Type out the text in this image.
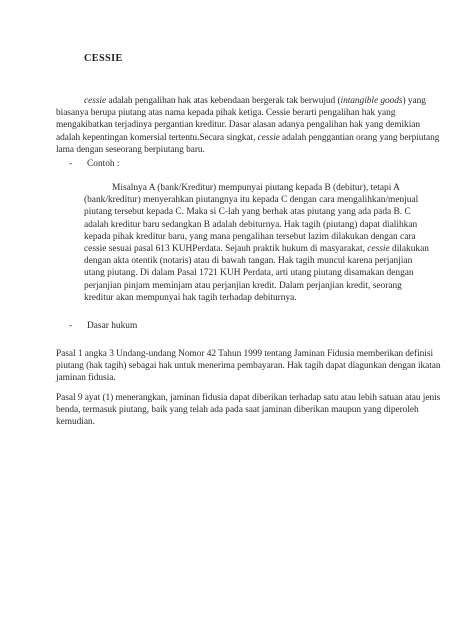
CESSIE

cessie adalah pengalihan hak atas kebendaan bergerak tak berwujud (intangible goods) yang biasanya berupa piutang atas nama kepada pihak ketiga. Cessie berarti pengalihan hak yang mengakibatkan terjadinya pergantian kreditur. Dasar alasan adanya pengalihan hak yang demikian adalah kepentingan komersial tertentu.Secara singkat, cessie adalah penggantian orang yang berpiutang lama dengan seseorang berpiutang baru.

- Contoh :

Misalnya A (bank/Kreditur) mempunyai piutang kepada B (debitur), tetapi A (bank/kreditur) menyerahkan piutangnya itu kepada C dengan cara mengalihkan/menjual piutang tersebut kepada C. Maka si C-lah yang berhak atas piutang yang ada pada B. C adalah kreditur baru sedangkan B adalah debiturnya. Hak tagih (piutang) dapat dialihkan kepada pihak kreditur baru, yang mana pengalihan tersebut lazim dilakukan dengan cara cessie sesuai pasal 613 KUHPerdata. Sejauh praktik hukum di masyarakat, cessie dilakukan dengan akta otentik (notaris) atau di bawah tangan. Hak tagih muncul karena perjanjian utang piutang. Di dalam Pasal 1721 KUH Perdata, arti utang piutang disamakan dengan perjanjian pinjam meminjam atau perjanjian kredit. Dalam perjanjian kredit, seorang kreditur akan mempunyai hak tagih terhadap debiturnya.

- Dasar hukum

Pasal 1 angka 3 Undang-undang Nomor 42 Tahun 1999 tentang Jaminan Fidusia memberikan definisi piutang (hak tagih) sebagai hak untuk menerima pembayaran. Hak tagih dapat diagunkan dengan ikatan jaminan fidusia.

Pasal 9 ayat (1) menerangkan, jaminan fidusia dapat diberikan terhadap satu atau lebih satuan atau jenis benda, termasuk piutang, baik yang telah ada pada saat jaminan diberikan maupun yang diperoleh kemudian.
